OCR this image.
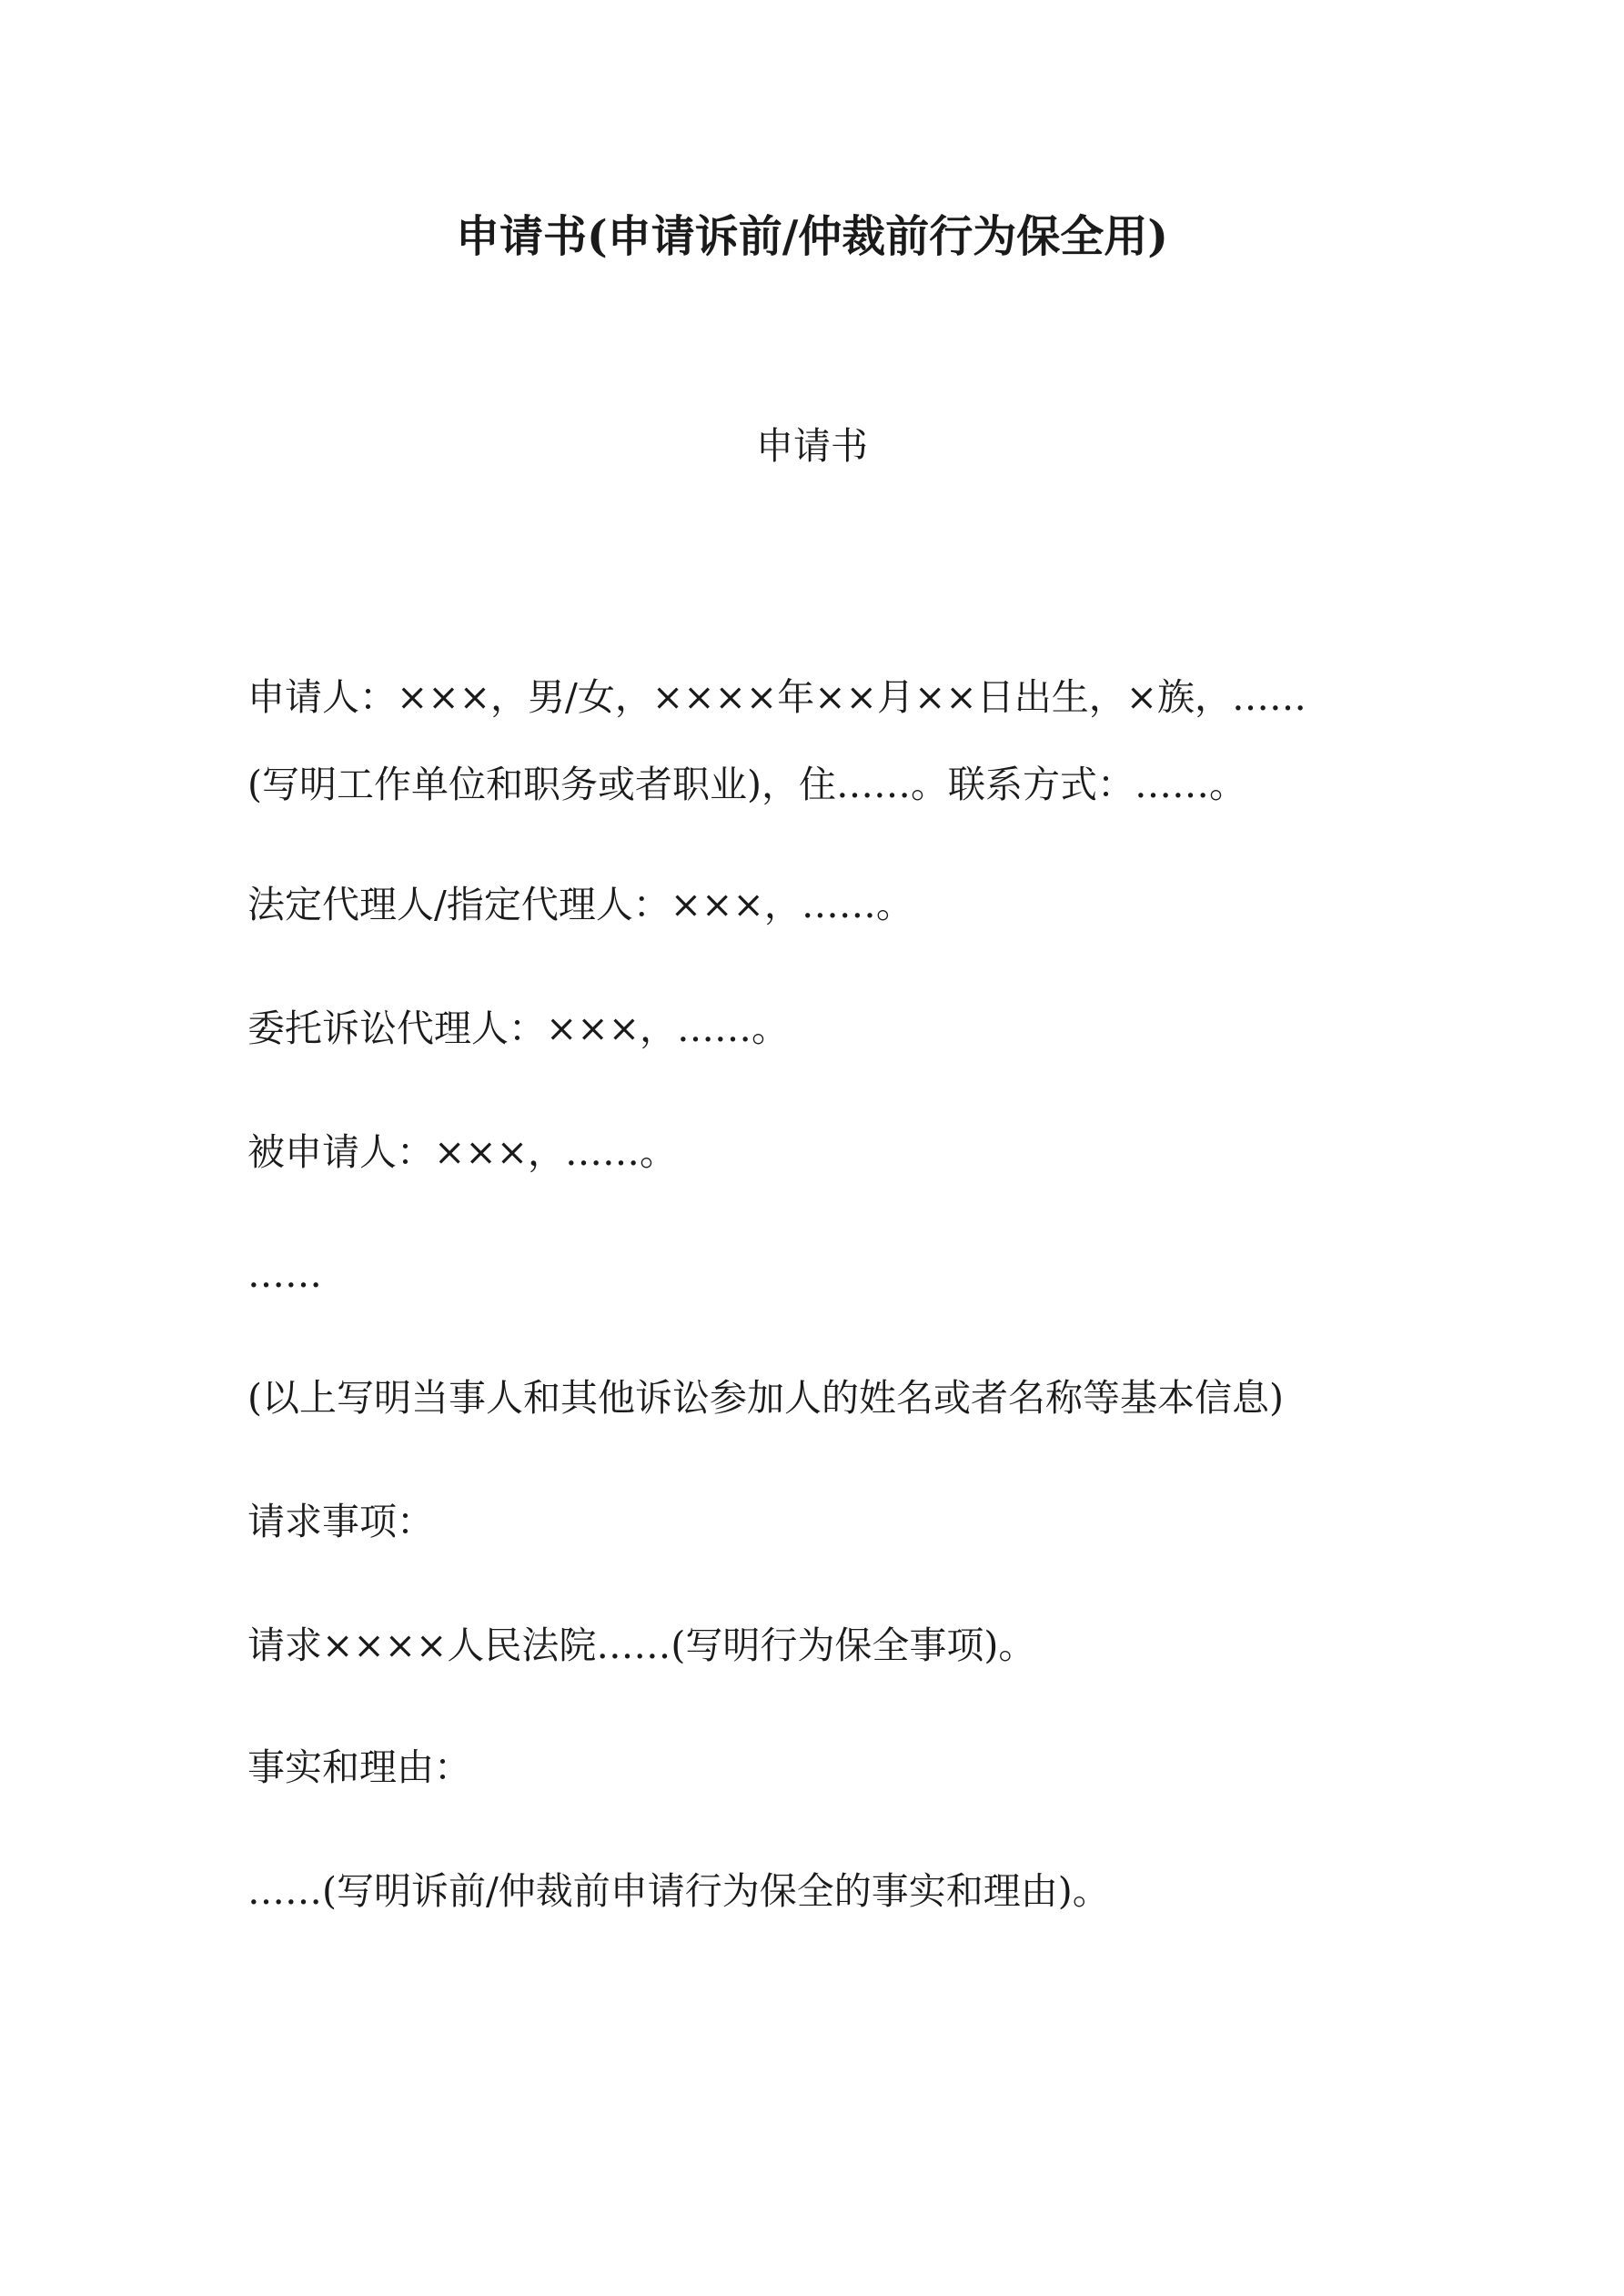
申请书(申请诉前/仲裁前行为保全用)
申请书
申请人：×××，男/女，××××年××月××日出生，×族，……
(写明工作单位和职务或者职业)，住……。联系方式：……。
法定代理人/指定代理人：×××，……。
委托诉讼代理人：×××，……。
被申请人：×××，……。
……
(以上写明当事人和其他诉讼参加人的姓名或者名称等基本信息)
请求事项：
请求××××人民法院……(写明行为保全事项)。
事实和理由：
……(写明诉前/仲裁前申请行为保全的事实和理由)。
